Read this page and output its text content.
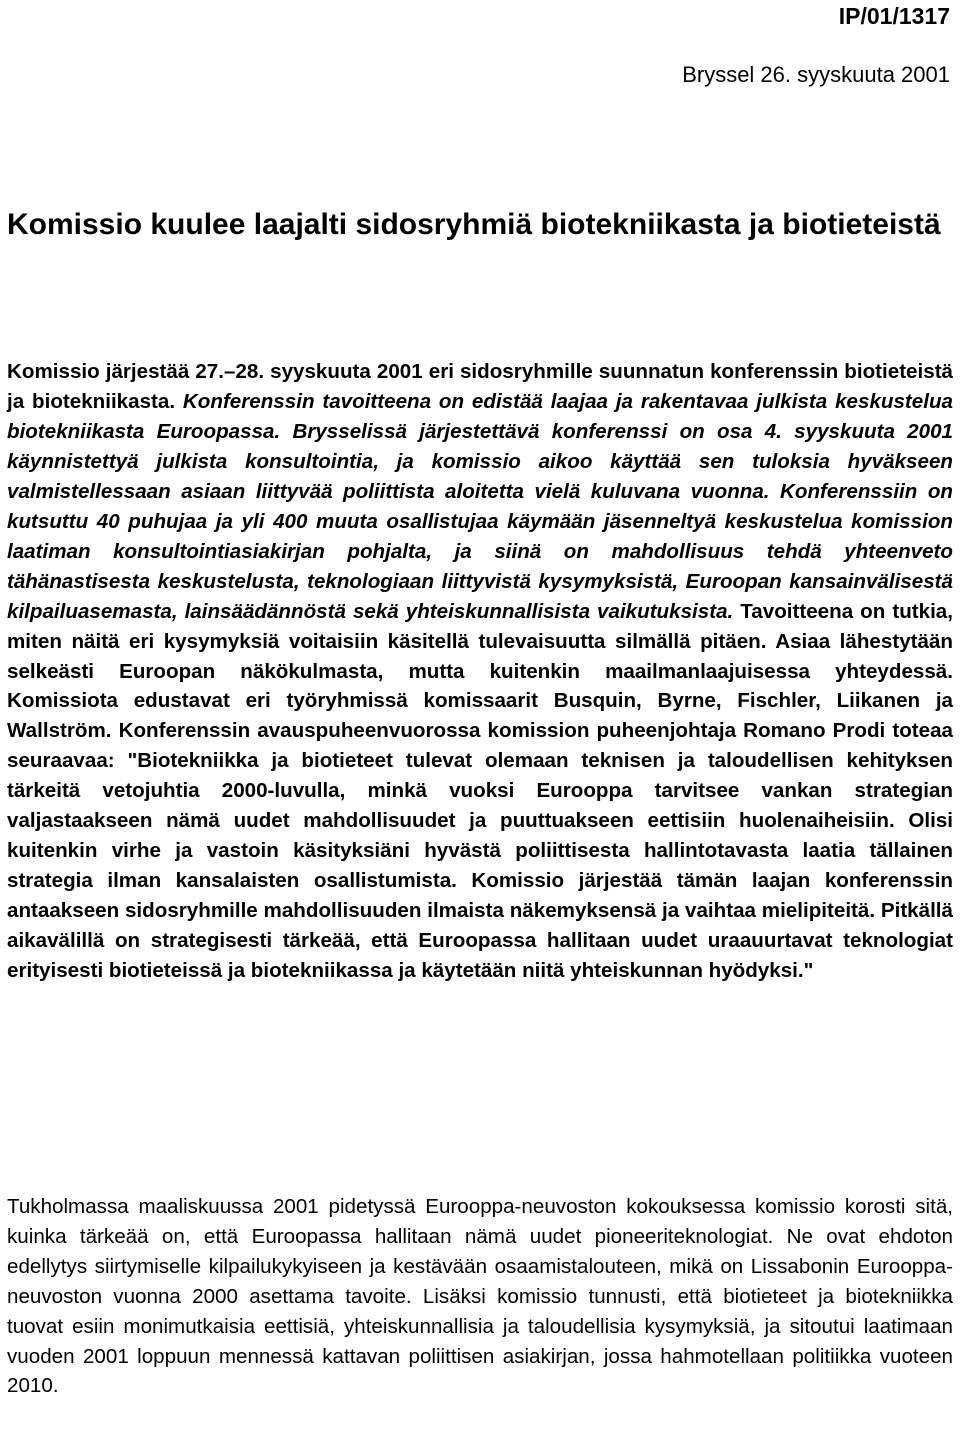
IP/01/1317

Bryssel 26. syyskuuta 2001

Komissio kuulee laajalti sidosryhmiä biotekniikasta ja biotieteistä

Komissio järjestää 27.–28. syyskuuta 2001 eri sidosryhmille suunnatun konferenssin biotieteistä ja biotekniikasta. Konferenssin tavoitteena on edistää laajaa ja rakentavaa julkista keskustelua biotekniikasta Euroopassa. Brysselissä järjestettävä konferenssi on osa 4. syyskuuta 2001 käynnistettyä julkista konsultointia, ja komissio aikoo käyttää sen tuloksia hyväkseen valmistellessaan asiaan liittyvää poliittista aloitetta vielä kuluvana vuonna. Konferenssiin on kutsuttu 40 puhujaa ja yli 400 muuta osallistujaa käymään jäsenneltyä keskustelua komission laatiman konsultointiasiakirjan pohjalta, ja siinä on mahdollisuus tehdä yhteenveto tähänastisesta keskustelusta, teknologiaan liittyvistä kysymyksistä, Euroopan kansainvälisestä kilpailuasemasta, lainsäädännöstä sekä yhteiskunnallisista vaikutuksista. Tavoitteena on tutkia, miten näitä eri kysymyksiä voitaisiin käsitellä tulevaisuutta silmällä pitäen. Asiaa lähestytään selkeästi Euroopan näkökulmasta, mutta kuitenkin maailmanlaajuisessa yhteydessä. Komissiota edustavat eri työryhmissä komissaarit Busquin, Byrne, Fischler, Liikanen ja Wallström. Konferenssin avauspuheenvuorossa komission puheenjohtaja Romano Prodi toteaa seuraavaa: "Biotekniikka ja biotieteet tulevat olemaan teknisen ja taloudellisen kehityksen tärkeitä vetojuhtia 2000-luvulla, minkä vuoksi Eurooppa tarvitsee vankan strategian valjastaakseen nämä uudet mahdollisuudet ja puuttuakseen eettisiin huolenaiheisiin. Olisi kuitenkin virhe ja vastoin käsityksiäni hyvästä poliittisesta hallintotavasta laatia tällainen strategia ilman kansalaisten osallistumista. Komissio järjestää tämän laajan konferenssin antaakseen sidosryhmille mahdollisuuden ilmaista näkemyksensä ja vaihtaa mielipiteitä. Pitkällä aikavälillä on strategisesti tärkeää, että Euroopassa hallitaan uudet uraauurtavat teknologiat erityisesti biotieteissä ja biotekniikassa ja käytetään niitä yhteiskunnan hyödyksi."

Tukholmassa maaliskuussa 2001 pidetyssä Eurooppa-neuvoston kokouksessa komissio korosti sitä, kuinka tärkeää on, että Euroopassa hallitaan nämä uudet pioneeriteknologiat. Ne ovat ehdoton edellytys siirtymiselle kilpailukykyiseen ja kestävään osaamistalouteen, mikä on Lissabonin Eurooppa-neuvoston vuonna 2000 asettama tavoite. Lisäksi komissio tunnusti, että biotieteet ja biotekniikka tuovat esiin monimutkaisia eettisiä, yhteiskunnallisia ja taloudellisia kysymyksiä, ja sitoutui laatimaan vuoden 2001 loppuun mennessä kattavan poliittisen asiakirjan, jossa hahmotellaan politiikka vuoteen 2010.
